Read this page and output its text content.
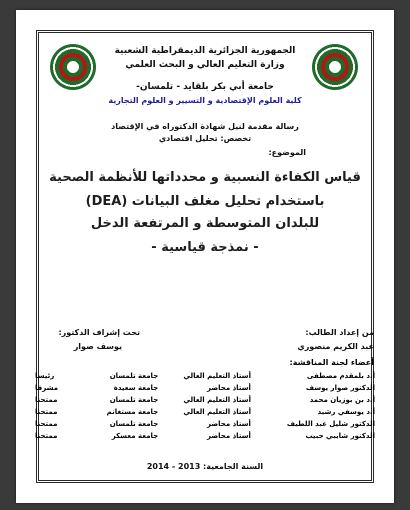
الجمهورية الجزائرية الديمقراطية الشعبية
وزارة التعليم العالي و البحث العلمي
جامعة أبي بكر بلقايد - تلمسان-
كلية العلوم الإقتصادية و التسيير و العلوم التجارية
رسالة مقدمة لنيل شهادة الدكتوراه في الإقتصاد
تخصص: تحليل اقتصادي
الموضوع:
قياس الكفاءة النسبية و محدداتها للأنظمة الصحية
باستخدام تحليل مغلف البيانات (DEA)
للبلدان المتوسطة و المرتفعة الدخل
- نمذجة قياسية -
من إعداد الطالب:
عبد الكريم منصوري
تحت إشراف الدكتور:
يوسف صوار
أعضاء لجنة المناقشة:
أ.د بلمقدم مصطفى	أستاذ التعليم العالي	جامعة تلمسان	رئيسا
الدكتور صوار يوسف	أستاذ محاضر	جامعة سعيدة	مشرفا
أ.د بن بوزيان محمد	أستاذ التعليم العالي	جامعة تلمسان	ممتحنا
أ.د يوسفي رشيد	أستاذ التعليم العالي	جامعة مستغانم	ممتحنا
الدكتور شليل عبد اللطيف	أستاذ محاضر	جامعة تلمسان	ممتحنا
الدكتور شايبي حبيب	أستاذ محاضر	جامعة معسكر	ممتحنا
السنة الجامعية: 2013 - 2014
